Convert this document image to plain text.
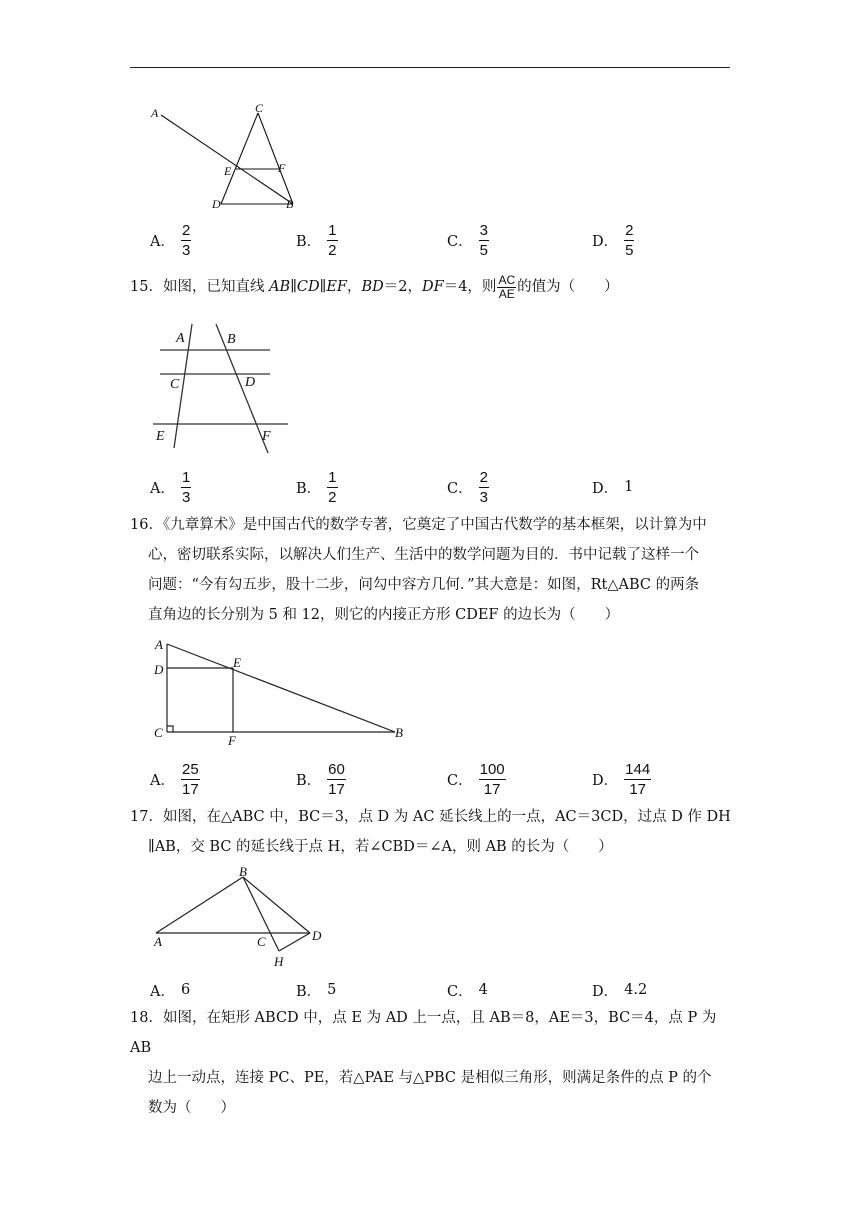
A	C
E	F
D	B
A． $\frac{2}{3}$	B． $\frac{1}{2}$	C． $\frac{3}{5}$	D． $\frac{2}{5}$
15．如图，已知直线 AB∥CD∥EF，BD＝2，DF＝4，则 $\frac{AC}{AE}$ 的值为（　　）
A	B
C	D
E	F
A． $\frac{1}{3}$	B． $\frac{1}{2}$	C． $\frac{2}{3}$	D． 1
16．《九章算术》是中国古代的数学专著，它奠定了中国古代数学的基本框架，以计算为中
心，密切联系实际，以解决人们生产、生活中的数学问题为目的．书中记载了这样一个
问题：“今有勾五步，股十二步，问勾中容方几何．”其大意是：如图，Rt△ABC 的两条
直角边的长分别为 5 和 12，则它的内接正方形 CDEF 的边长为（　　）
A
D	E
C
F
B
A． $\frac{25}{17}$	B． $\frac{60}{17}$	C． $\frac{100}{17}$	D． $\frac{144}{17}$
17．如图，在△ABC 中，BC＝3，点 D 为 AC 延长线上的一点，AC＝3CD，过点 D 作 DH
∥AB，交 BC 的延长线于点 H，若∠CBD＝∠A，则 AB 的长为（　　）
B
A	C	D
H
A． 6	B． 5	C． 4	D． 4.2
18．如图，在矩形 ABCD 中，点 E 为 AD 上一点，且 AB＝8，AE＝3，BC＝4，点 P 为 AB
边上一动点，连接 PC、PE，若△PAE 与△PBC 是相似三角形，则满足条件的点 P 的个
数为（　　）
